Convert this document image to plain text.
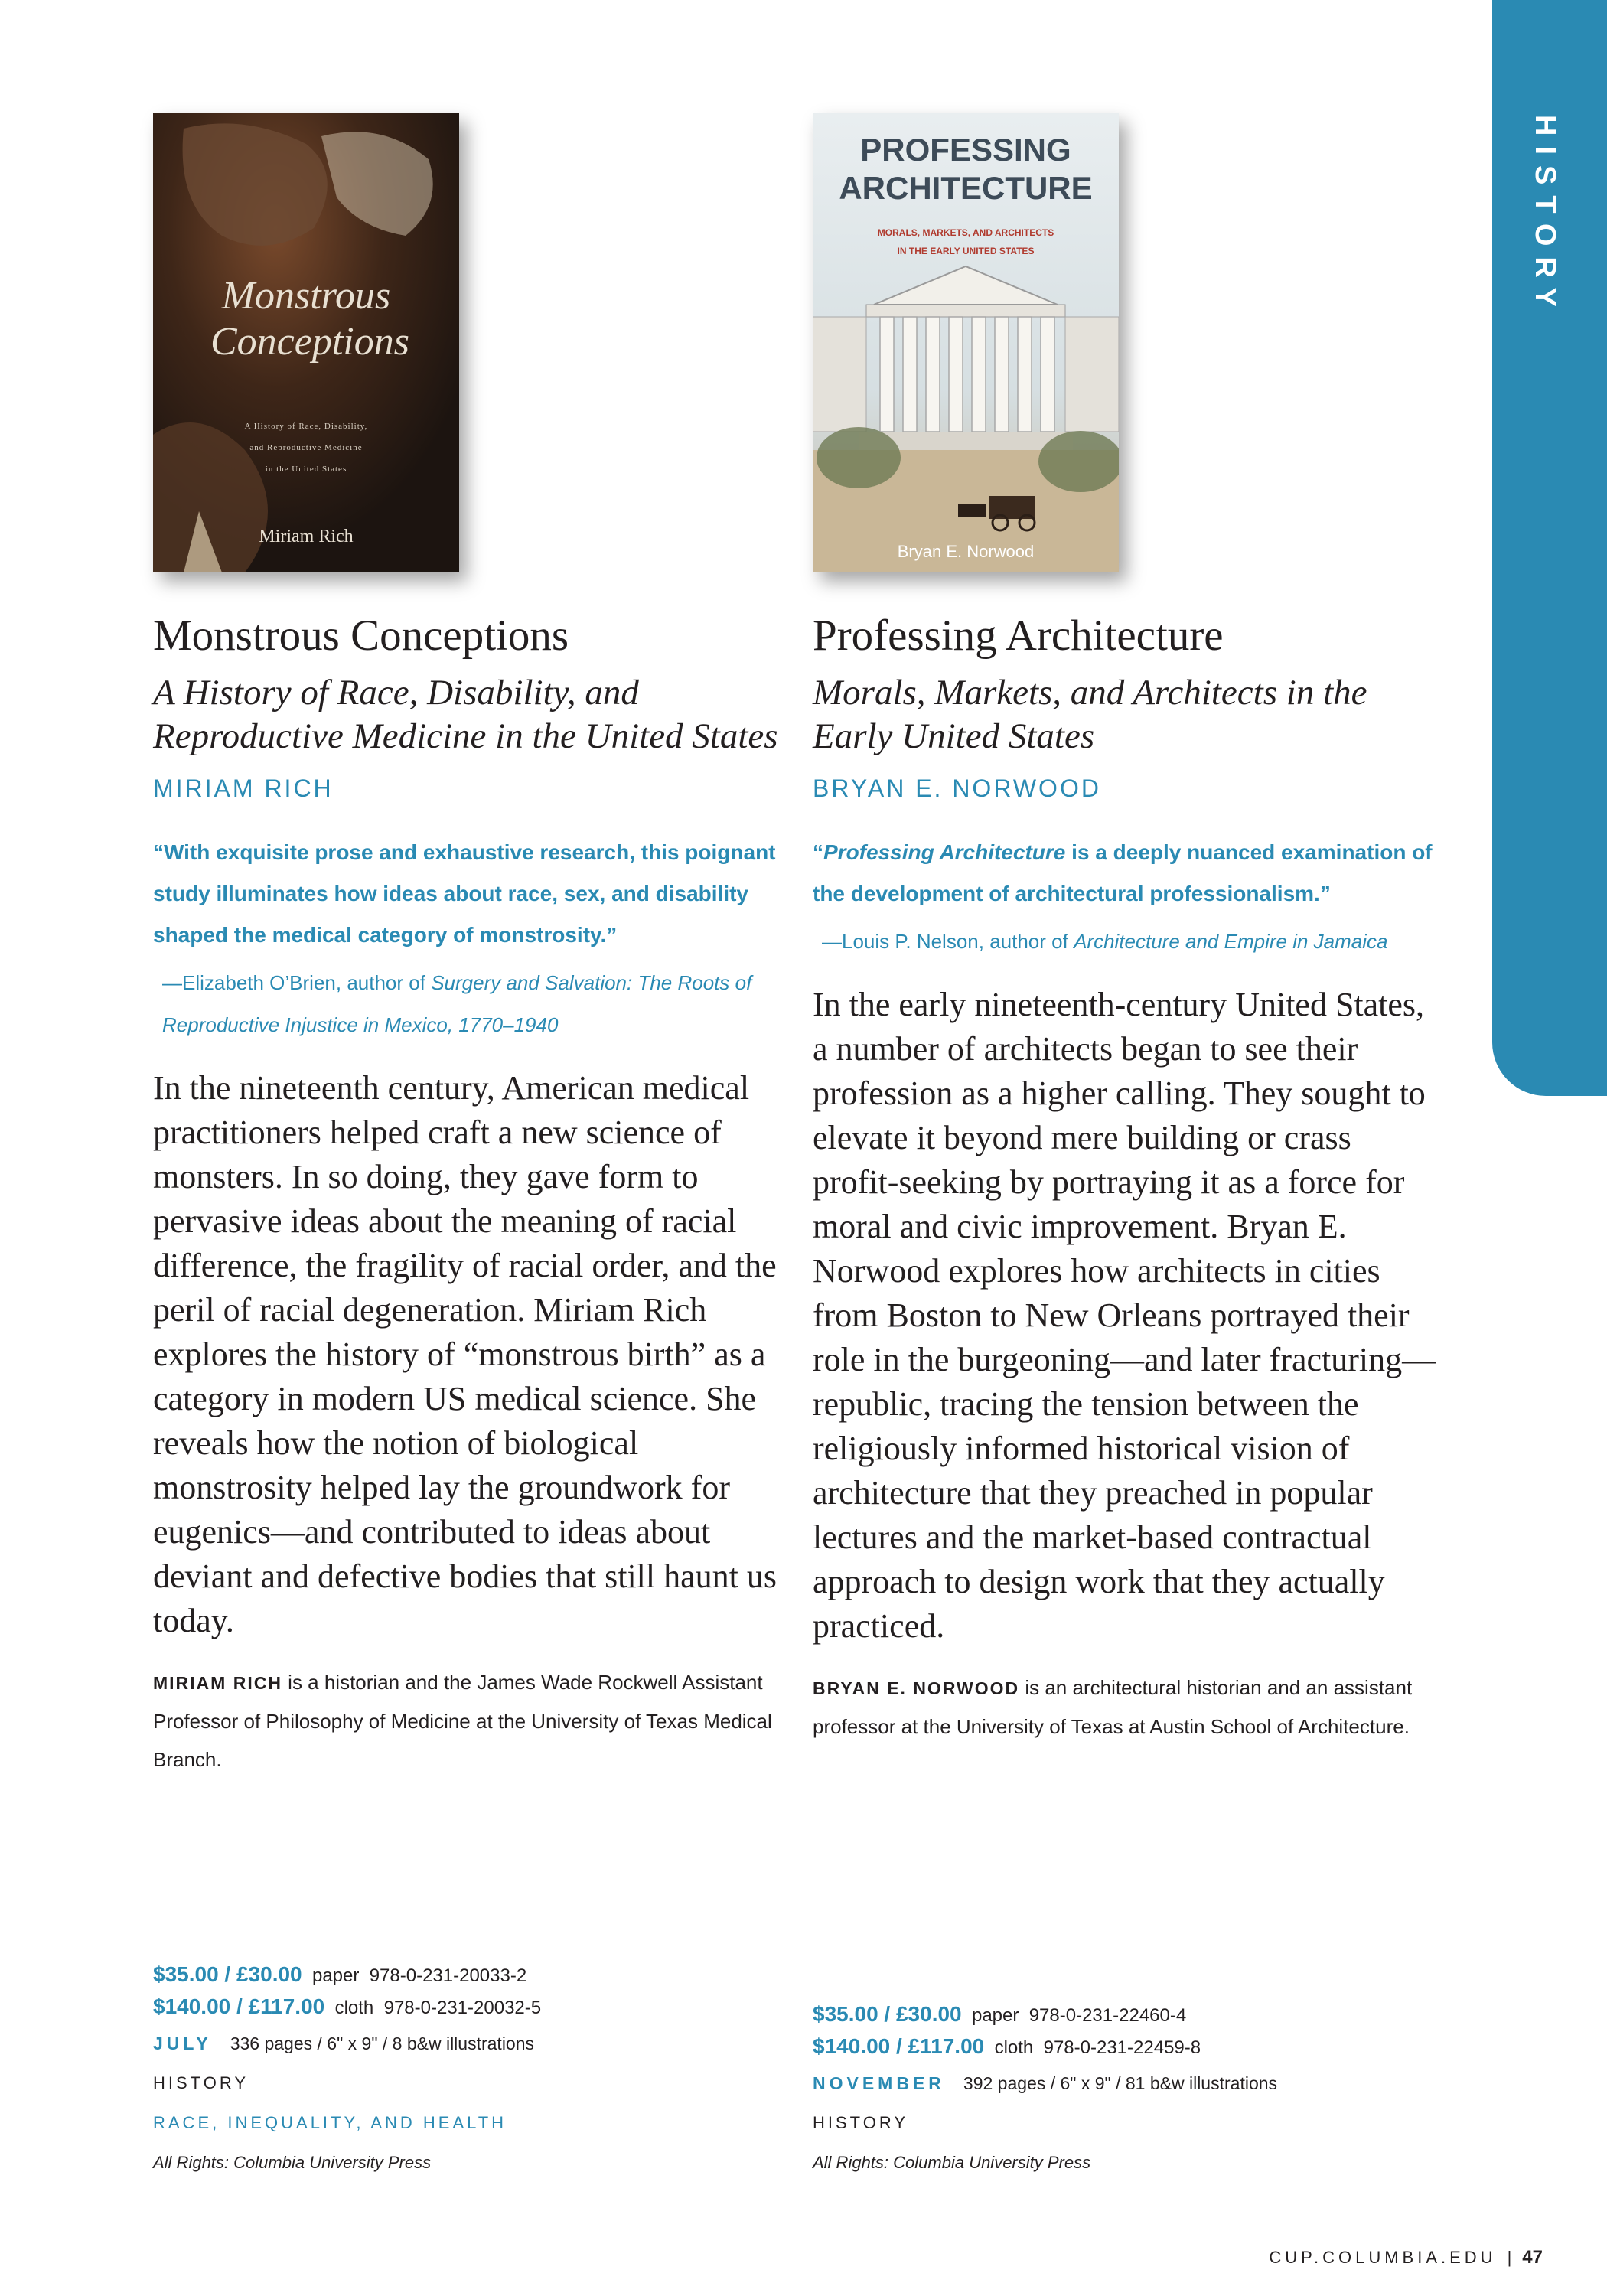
HISTORY
Monstrous
Conceptions
A History of Race, Disability,
and Reproductive Medicine
in the United States
Miriam Rich
Monstrous Conceptions
A History of Race, Disability, and Reproductive Medicine in the United States
MIRIAM RICH
“With exquisite prose and exhaustive research, this poignant study illuminates how ideas about race, sex, and disability shaped the medical category of monstrosity.”
—Elizabeth O’Brien, author of Surgery and Salvation: The Roots of Reproductive Injustice in Mexico, 1770–1940
In the nineteenth century, American medical practitioners helped craft a new science of monsters. In so doing, they gave form to pervasive ideas about the meaning of racial difference, the fragility of racial order, and the peril of racial degeneration. Miriam Rich explores the history of “monstrous birth” as a category in modern US medical science. She reveals how the notion of biological monstrosity helped lay the groundwork for eugenics—and contributed to ideas about deviant and defective bodies that still haunt us today.
MIRIAM RICH is a historian and the James Wade Rockwell Assistant Professor of Philosophy of Medicine at the University of Texas Medical Branch.
$35.00 / £30.00 paper 978-0-231-20033-2
$140.00 / £117.00 cloth 978-0-231-20032-5
JULY 336 pages / 6" x 9" / 8 b&w illustrations
HISTORY
RACE, INEQUALITY, AND HEALTH
All Rights: Columbia University Press
PROFESSING
ARCHITECTURE
MORALS, MARKETS, AND ARCHITECTS
IN THE EARLY UNITED STATES
Bryan E. Norwood
Professing Architecture
Morals, Markets, and Architects in the Early United States
BRYAN E. NORWOOD
“Professing Architecture is a deeply nuanced examination of the development of architectural professionalism.”
—Louis P. Nelson, author of Architecture and Empire in Jamaica
In the early nineteenth-century United States, a number of architects began to see their profession as a higher calling. They sought to elevate it beyond mere building or crass profit-seeking by portraying it as a force for moral and civic improvement. Bryan E. Norwood explores how architects in cities from Boston to New Orleans portrayed their role in the burgeoning—and later fracturing—republic, tracing the tension between the religiously informed historical vision of architecture that they preached in popular lectures and the market-based contractual approach to design work that they actually practiced.
BRYAN E. NORWOOD is an architectural historian and an assistant professor at the University of Texas at Austin School of Architecture.
$35.00 / £30.00 paper 978-0-231-22460-4
$140.00 / £117.00 cloth 978-0-231-22459-8
NOVEMBER 392 pages / 6" x 9" / 81 b&w illustrations
HISTORY
All Rights: Columbia University Press
CUP.COLUMBIA.EDU | 47
